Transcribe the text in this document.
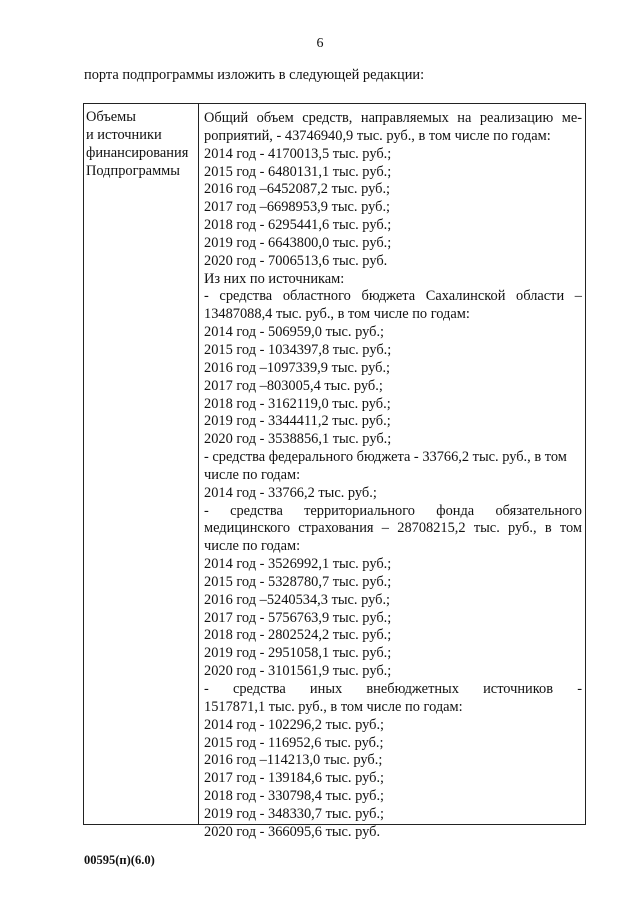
6
порта подпрограммы изложить в следующей редакции:
Объемы
и источники
финансирования
Подпрограммы
Общий объем средств, направляемых на реализацию ме-
роприятий, - 43746940,9 тыс. руб., в том числе по годам:
2014 год - 4170013,5 тыс. руб.;
2015 год - 6480131,1 тыс. руб.;
2016 год –6452087,2 тыс. руб.;
2017 год –6698953,9 тыс. руб.;
2018 год - 6295441,6 тыс. руб.;
2019 год - 6643800,0 тыс. руб.;
2020 год - 7006513,6 тыс. руб.
Из них по источникам:
- средства областного бюджета Сахалинской области –
13487088,4 тыс. руб., в том числе по годам:
2014 год - 506959,0 тыс. руб.;
2015 год - 1034397,8 тыс. руб.;
2016 год –1097339,9 тыс. руб.;
2017 год –803005,4 тыс. руб.;
2018 год - 3162119,0 тыс. руб.;
2019 год - 3344411,2 тыс. руб.;
2020 год - 3538856,1 тыс. руб.;
- средства федерального бюджета - 33766,2 тыс. руб., в том
числе по годам:
2014 год - 33766,2 тыс. руб.;
- средства территориального фонда обязательного
медицинского страхования – 28708215,2 тыс. руб., в том
числе по годам:
2014 год - 3526992,1 тыс. руб.;
2015 год - 5328780,7 тыс. руб.;
2016 год –5240534,3 тыс. руб.;
2017 год - 5756763,9 тыс. руб.;
2018 год - 2802524,2 тыс. руб.;
2019 год - 2951058,1 тыс. руб.;
2020 год - 3101561,9 тыс. руб.;
- средства иных внебюджетных источников -
1517871,1 тыс. руб., в том числе по годам:
2014 год - 102296,2 тыс. руб.;
2015 год - 116952,6 тыс. руб.;
2016 год –114213,0 тыс. руб.;
2017 год - 139184,6 тыс. руб.;
2018 год - 330798,4 тыс. руб.;
2019 год - 348330,7 тыс. руб.;
2020 год - 366095,6 тыс. руб.
00595(п)(6.0)
